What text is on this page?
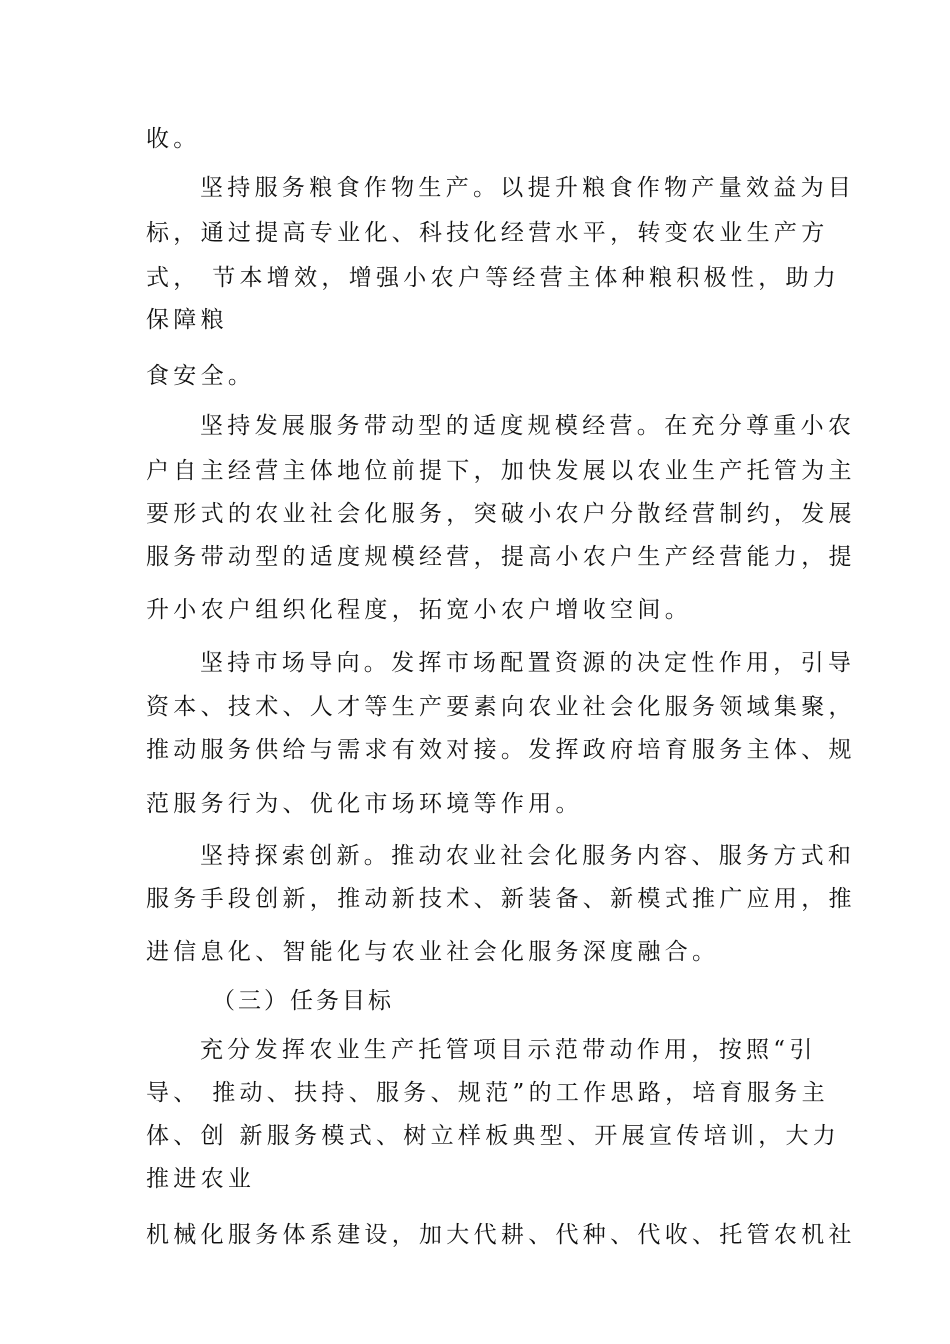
收。
坚持服务粮食作物生产。以提升粮食作物产量效益为目
标，通过提高专业化、科技化经营水平，转变农业生产方
式， 节本增效，增强小农户等经营主体种粮积极性，助力
保障粮
食安全。
坚持发展服务带动型的适度规模经营。在充分尊重小农
户自主经营主体地位前提下，加快发展以农业生产托管为主
要形式的农业社会化服务，突破小农户分散经营制约，发展
服务带动型的适度规模经营，提高小农户生产经营能力，提
升小农户组织化程度，拓宽小农户增收空间。
坚持市场导向。发挥市场配置资源的决定性作用，引导
资本、技术、人才等生产要素向农业社会化服务领域集聚，
推动服务供给与需求有效对接。发挥政府培育服务主体、规
范服务行为、优化市场环境等作用。
坚持探索创新。推动农业社会化服务内容、服务方式和
服务手段创新，推动新技术、新装备、新模式推广应用，推
进信息化、智能化与农业社会化服务深度融合。
（三）任务目标
充分发挥农业生产托管项目示范带动作用，按照“引
导、 推动、扶持、服务、规范”的工作思路，培育服务主
体、创 新服务模式、树立样板典型、开展宣传培训，大力
推进农业
机械化服务体系建设，加大代耕、代种、代收、托管农机社
